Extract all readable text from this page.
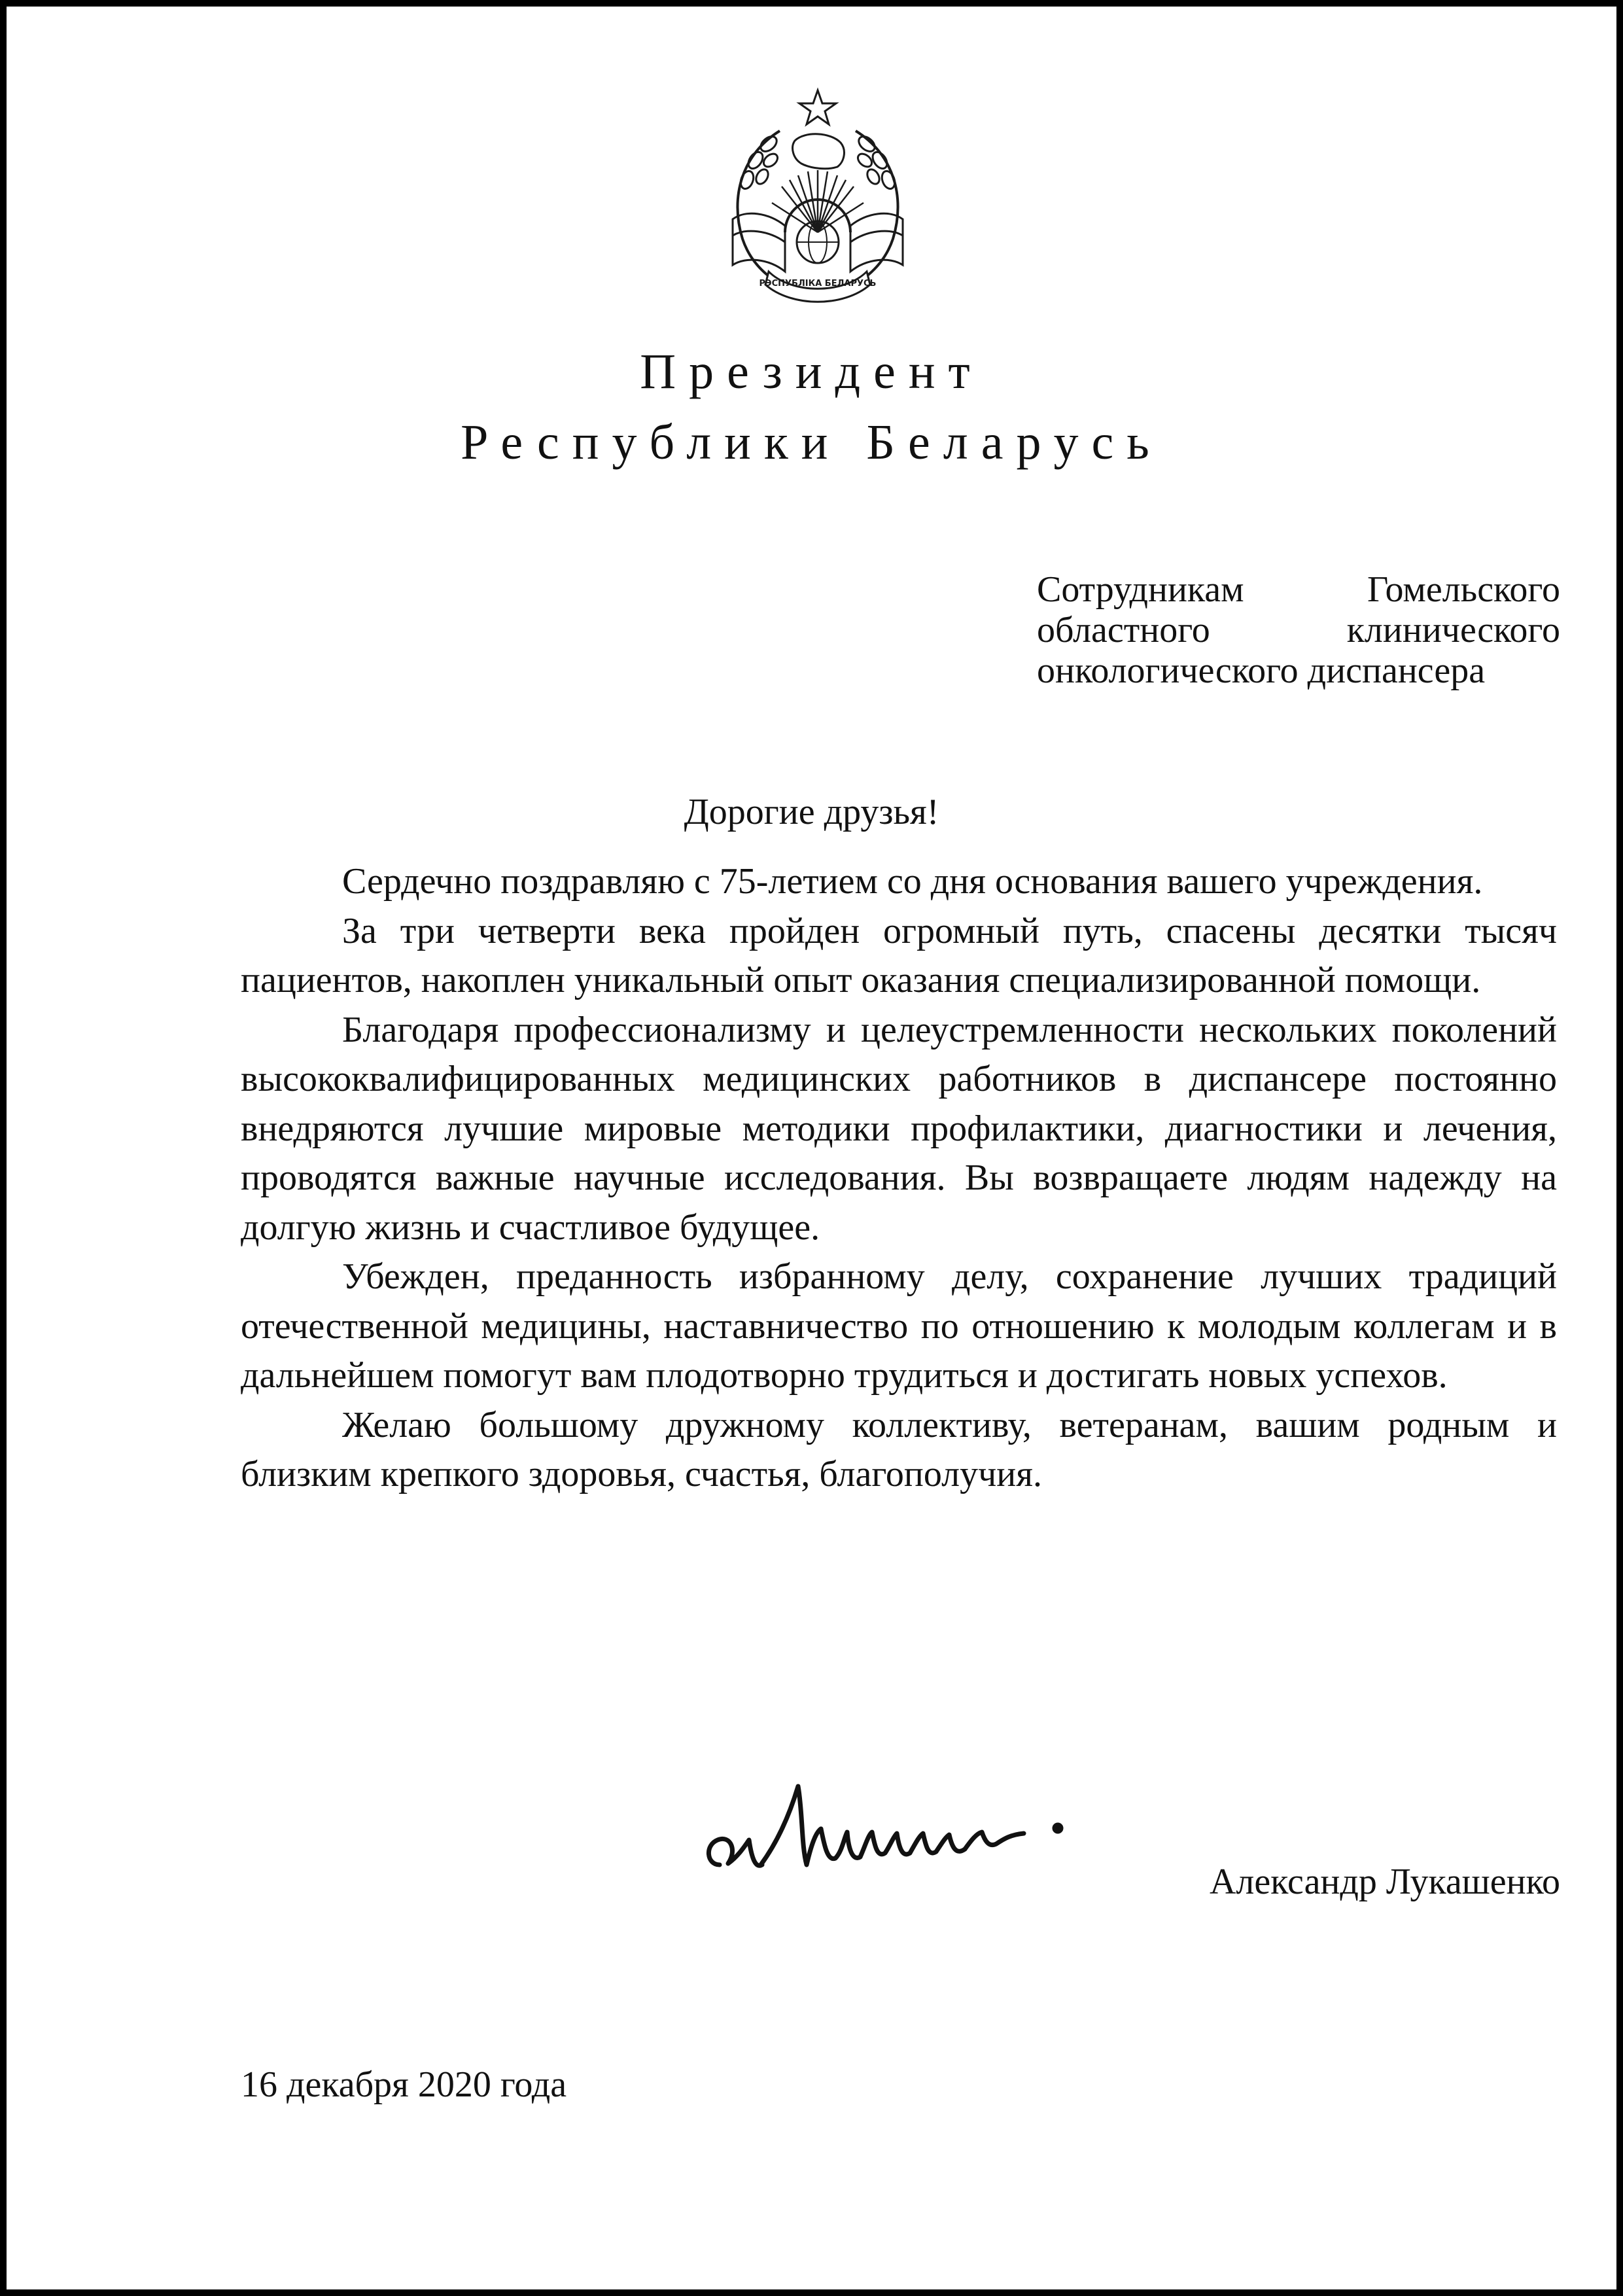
РЭСПУБЛІКА БЕЛАРУСЬ
Президент
Республики Беларусь
Сотрудникам Гомельского
областного клинического
онкологического диспансера
Дорогие друзья!

Сердечно поздравляю с 75-летием со дня основания вашего учреждения.

За три четверти века пройден огромный путь, спасены десятки тысяч пациентов, накоплен уникальный опыт оказания специализированной помощи.

Благодаря профессионализму и целеустремленности нескольких поколений высококвалифицированных медицинских работников в диспансере постоянно внедряются лучшие мировые методики профилактики, диагностики и лечения, проводятся важные научные исследования. Вы возвращаете людям надежду на долгую жизнь и счастливое будущее.

Убежден, преданность избранному делу, сохранение лучших традиций отечественной медицины, наставничество по отношению к молодым коллегам и в дальнейшем помогут вам плодотворно трудиться и достигать новых успехов.

Желаю большому дружному коллективу, ветеранам, вашим родным и близким крепкого здоровья, счастья, благополучия.

Александр Лукашенко
16 декабря 2020 года
